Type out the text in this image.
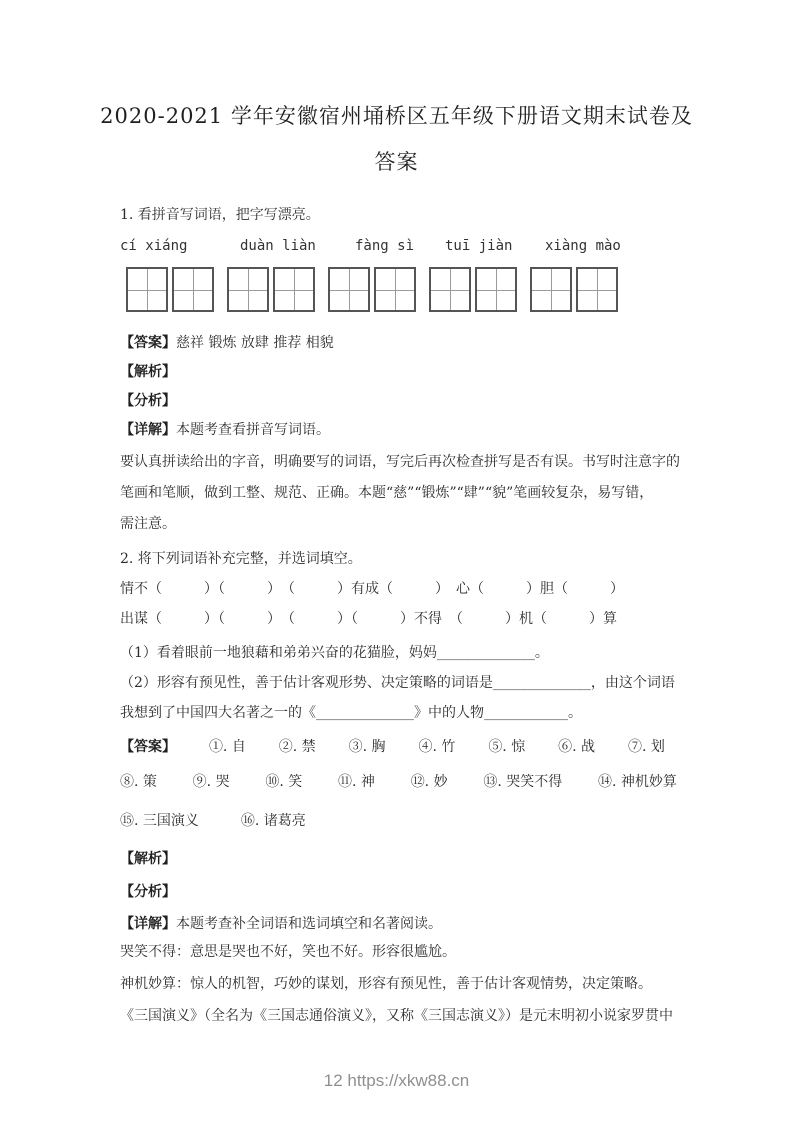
2020-2021 学年安徽宿州埇桥区五年级下册语文期末试卷及
答案
1. 看拼音写词语，把字写漂亮。
cí xiáng	duàn liàn	fàng sì tuī jiàn xiàng mào
【答案】慈祥 锻炼 放肆 推荐 相貌
【解析】
【分析】
【详解】本题考查看拼音写词语。
要认真拼读给出的字音，明确要写的词语，写完后再次检查拼写是否有误。书写时注意字的
笔画和笔顺，做到工整、规范、正确。本题“慈”“锻炼”“肆”“貌”笔画较复杂，易写错，
需注意。
2. 将下列词语补充完整，并选词填空。
情不（　　　）（　　　）　（　　　）有成（　　　）　心（　　　）胆（　　　）
出谋（　　　）（　　　）　（　　　）（　　　）不得　（　　　）机（　　　）算
（1）看着眼前一地狼藉和弟弟兴奋的花猫脸，妈妈______________。
（2）形容有预见性，善于估计客观形势、决定策略的词语是______________，由这个词语
我想到了中国四大名著之一的《______________》中的人物____________。
【答案】 ①. 自 ②. 禁 ③. 胸 ④. 竹 ⑤. 惊 ⑥. 战 ⑦. 划
⑧. 策	⑨. 哭	⑩. 笑	⑪. 神	⑫. 妙	⑬. 哭笑不得	⑭. 神机妙算
⑮. 三国演义	⑯. 诸葛亮
【解析】
【分析】
【详解】本题考查补全词语和选词填空和名著阅读。
哭笑不得：意思是哭也不好，笑也不好。形容很尴尬。
神机妙算：惊人的机智，巧妙的谋划，形容有预见性，善于估计客观情势，决定策略。
《三国演义》（全名为《三国志通俗演义》，又称《三国志演义》）是元末明初小说家罗贯中
12 https://xkw88.cn
